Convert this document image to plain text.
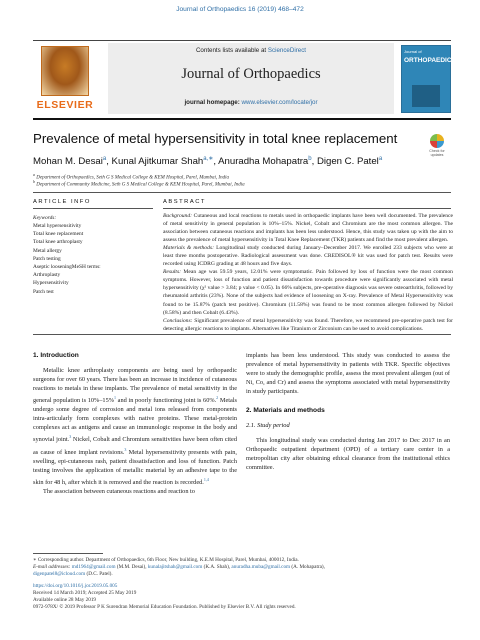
Journal of Orthopaedics 16 (2019) 468–472
ELSEVIER
Contents lists available at ScienceDirect
Journal of Orthopaedics
journal homepage: www.elsevier.com/locate/jor
Journal of
ORTHOPAEDICS
Prevalence of metal hypersensitivity in total knee replacement
Check for updates
Mohan M. Desai$^a$, Kunal Ajitkumar Shah$^{a,∗}$, Anuradha Mohapatra$^b$, Digen C. Patel$^a$
$^a$ Department of Orthopaedics, Seth G S Medical College & KEM Hospital, Parel, Mumbai, India
$^b$ Department of Community Medicine, Seth G S Medical College & KEM Hospital, Parel, Mumbai, India
ARTICLE INFO	ABSTRACT
Keywords:
Metal hypersensitivity
Total knee replacement
Total knee arthroplasty
Metal allergy
Patch testing
Aseptic looseningMeSH terms:
Arthroplasty
Hypersensitivity
Patch test

Background: Cutaneous and local reactions to metals used in orthopaedic implants have been well documented. The prevalence of metal sensitivity in general population is 10%–15%. Nickel, Cobalt and Chromium are the most common allergen. The association between cutaneous reactions and implants has been less understood. Hence, this study was taken up with the aim to assess the prevalence of metal hypersensitivity in Total Knee Replacement (TKR) patients and find the most prevalent allergen.

Materials & methods: Longitudinal study conducted during January–December 2017. We enrolled 233 subjects who were at least three months postoperative. Radiological assessment was done. CREDISOL® kit was used for patch test. Results were recorded using ICDRG grading at 48 hours and five days.

Results: Mean age was 59.59 years, 12.01% were symptomatic. Pain followed by loss of function were the most common symptoms. However, loss of function and patient dissatisfaction towards procedure were significantly associated with metal hypersensitivity (χ² value > 3.84; p value < 0.05). In 66% subjects, pre-operative diagnosis was severe osteoarthritis, followed by rheumatoid arthritis (23%). None of the subjects had evidence of loosening on X-ray. Prevalence of Metal Hypersensitivity was found to be 15.87% (patch test positive). Chromium (11.58%) was found to be most common allergen followed by Nickel (8.58%) and then Cobalt (6.43%).

Conclusions: Significant prevalence of metal hypersensitivity was found. Therefore, we recommend pre-operative patch test for detecting allergic reactions to implants. Alternatives like Titanium or Zirconium can be used to avoid complications.

1. Introduction

Metallic knee arthroplasty components are being used by orthopaedic surgeons for over 60 years. There has been an increase in incidence of cutaneous reactions to metals in these implants. The prevalence of metal sensitivity in the general population is 10%–15%$^1$ and in poorly functioning joint is 60%.$^2$ Metals undergo some degree of corrosion and metal ions released from components intra-articularly form complexes with native proteins. These metal-protein complexes act as antigens and cause an immunologic response in the body and synovial joint.$^3$ Nickel, Cobalt and Chromium sensitivities have been often cited as cause of knee implant revisions.$^3$ Metal hypersensitivity presents with pain, swelling, epi-cutaneous rash, patient dissatisfaction and loss of function. Patch testing involves the application of metallic material by an adhesive tape to the skin for 48 h, after which it is removed and the reaction is recorded.$^{1,4}$

The association between cutaneous reactions and reaction to

implants has been less understood. This study was conducted to assess the prevalence of metal hypersensitivity in patients with TKR. Specific objectives were to study the demographic profile, assess the most prevalent allergen (out of Ni, Co, and Cr) and assess the symptoms associated with metal hypersensitivity in study participants.

2. Materials and methods
2.1. Study period

This longitudinal study was conducted during Jan 2017 to Dec 2017 in an Orthopaedic outpatient department (OPD) of a tertiary care center in a metropolitan city after obtaining ethical clearance from the institutional ethics committee.

∗ Corresponding author. Department of Orthopaedics, 6th Floor, New building, K.E.M Hospital, Parel, Mumbai, 400012, India.
E-mail addresses: md1964@gmail.com (M.M. Desai), kunalajitshah@gmail.com (K.A. Shah), anuradha.muba@gmail.com (A. Mohapatra),
digenpatel8@icloud.com (D.C. Patel).
https://doi.org/10.1016/j.jor.2019.05.005
Received 14 March 2019; Accepted 25 May 2019
Available online 28 May 2019
0972-978X/ © 2019 Professor P K Surendran Memorial Education Foundation. Published by Elsevier B.V. All rights reserved.
